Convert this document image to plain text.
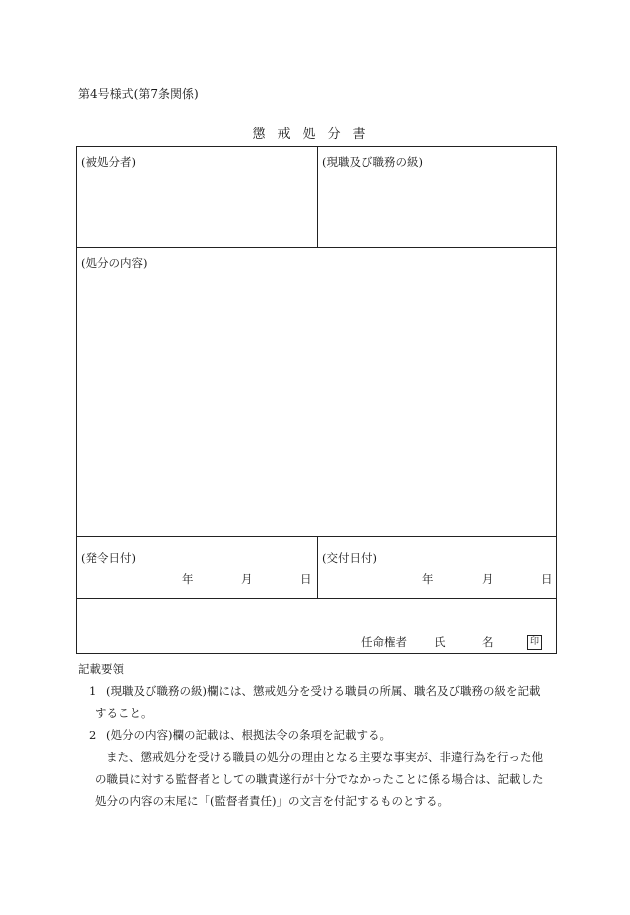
第4号様式(第7条関係)
懲戒処分書
(被処分者)	(現職及び職務の級)
(処分の内容)
(発令日付)
年	月	日
(交付日付)
年	月	日
任命権者 氏	名	印
記載要領
1 (現職及び職務の級)欄には、懲戒処分を受ける職員の所属、職名及び職務の級を記載
すること。
2 (処分の内容)欄の記載は、根拠法令の条項を記載する。
また、懲戒処分を受ける職員の処分の理由となる主要な事実が、非違行為を行った他
の職員に対する監督者としての職責遂行が十分でなかったことに係る場合は、記載した
処分の内容の末尾に「(監督者責任)」の文言を付記するものとする。
